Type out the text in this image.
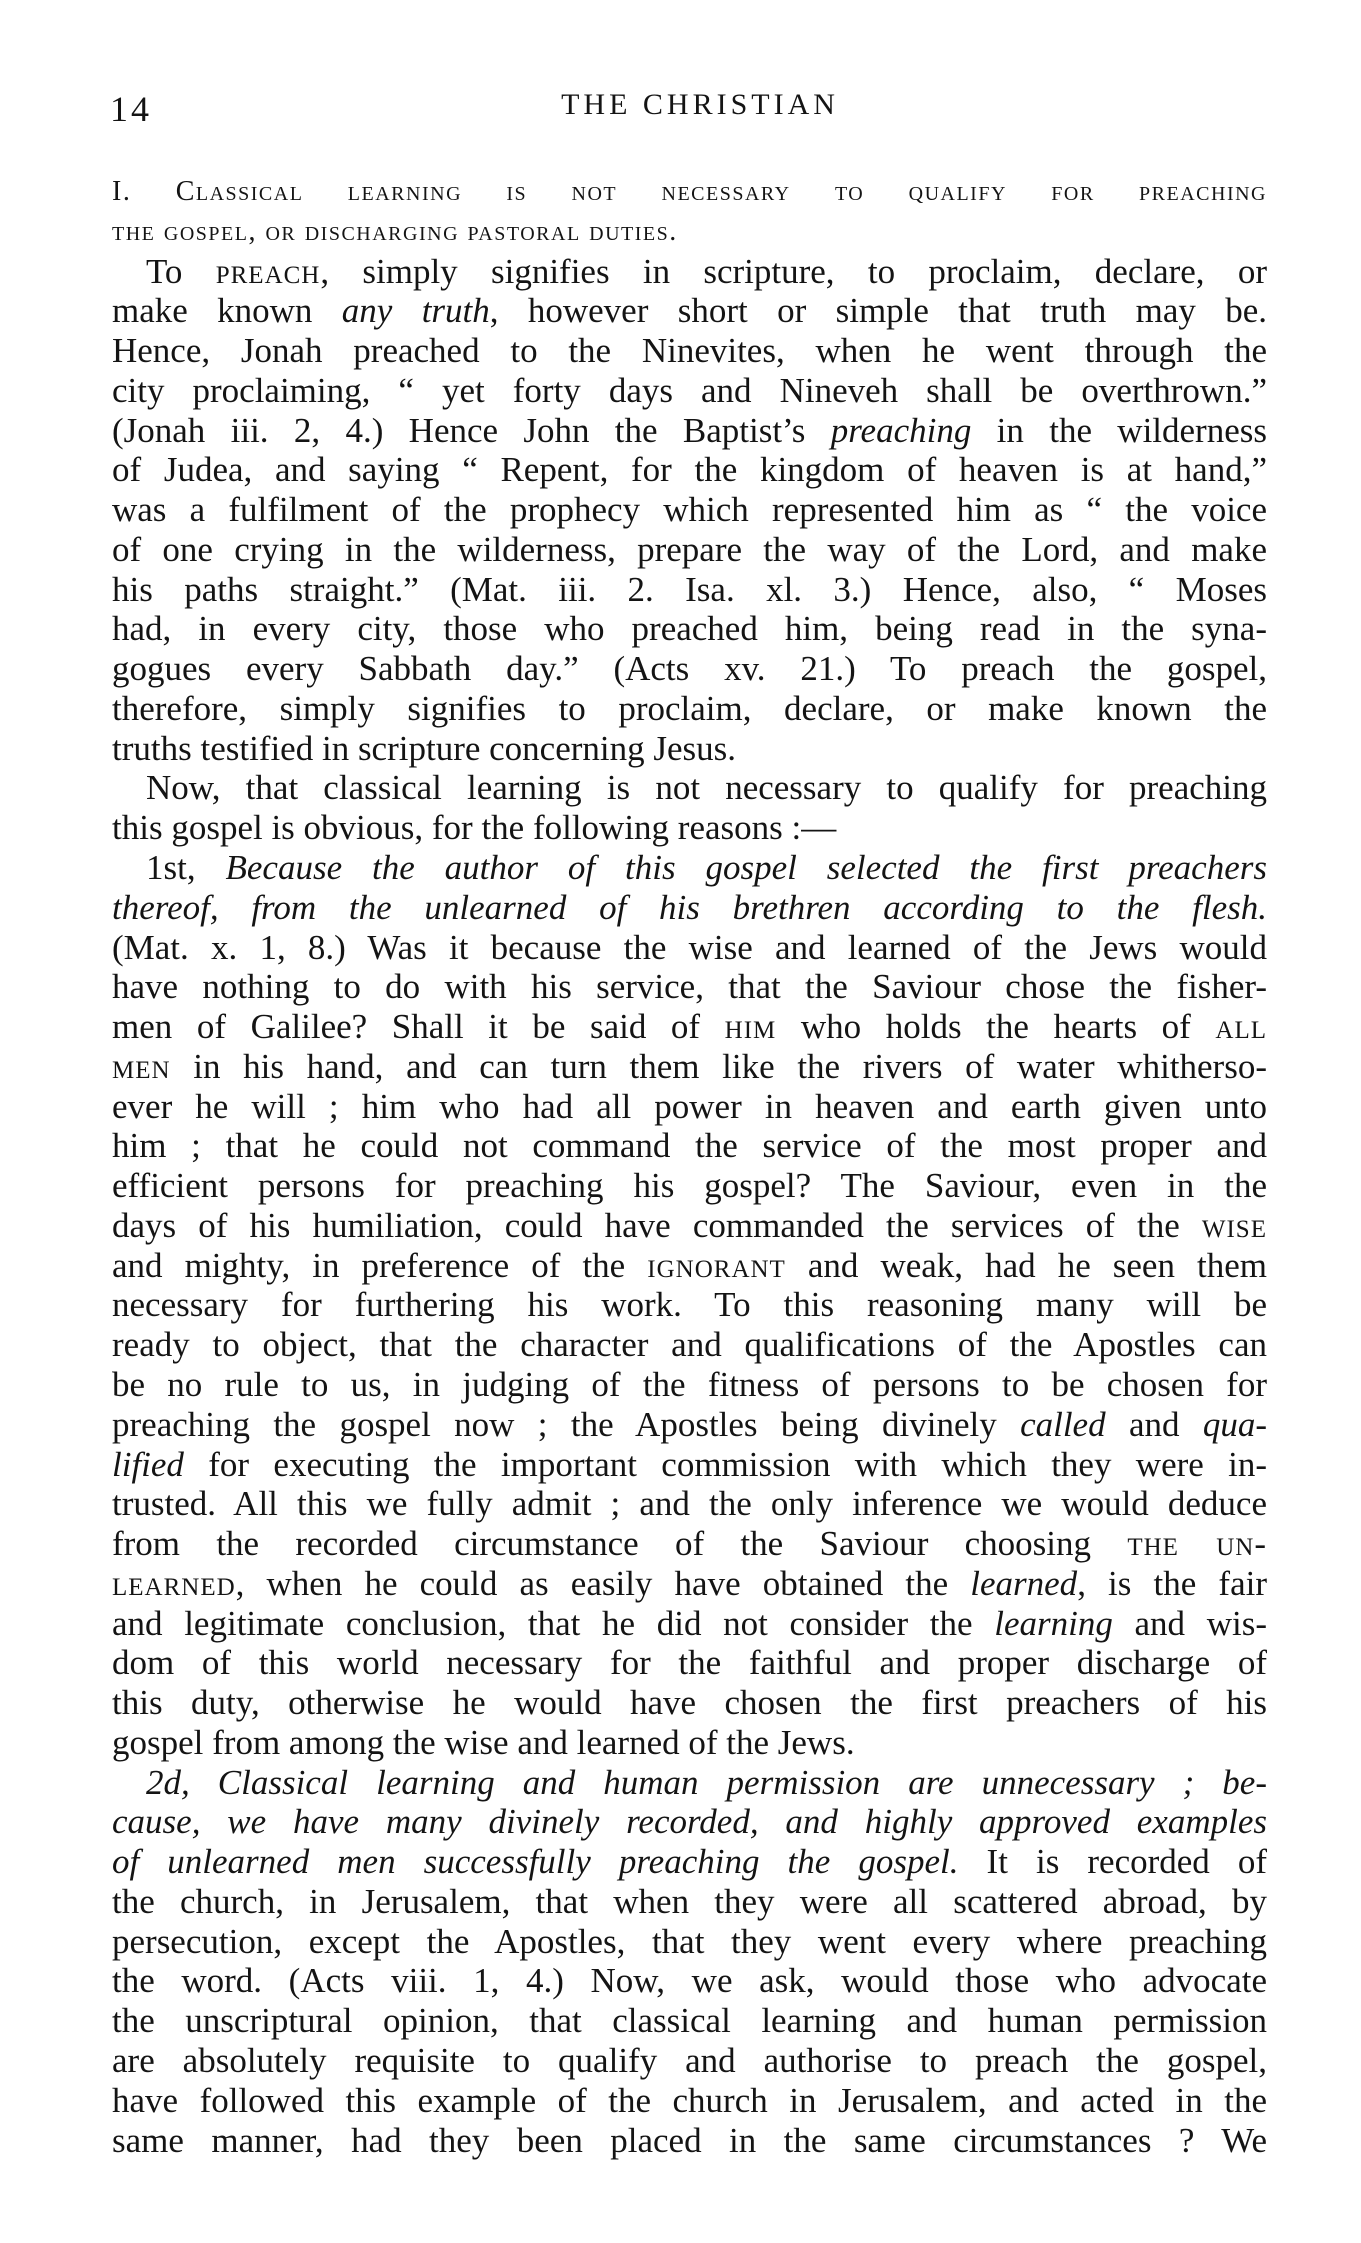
14	THE CHRISTIAN
I. Classical learning is not necessary to qualify for preaching
the gospel, or discharging pastoral duties.
To preach, simply signifies in scripture, to proclaim, declare, or
make known any truth, however short or simple that truth may be.
Hence, Jonah preached to the Ninevites, when he went through the
city proclaiming, “ yet forty days and Nineveh shall be overthrown.”
(Jonah iii. 2, 4.) Hence John the Baptist’s preaching in the wilderness
of Judea, and saying “ Repent, for the kingdom of heaven is at hand,”
was a fulfilment of the prophecy which represented him as “ the voice
of one crying in the wilderness, prepare the way of the Lord, and make
his paths straight.” (Mat. iii. 2. Isa. xl. 3.) Hence, also, “ Moses
had, in every city, those who preached him, being read in the syna-
gogues every Sabbath day.” (Acts xv. 21.) To preach the gospel,
therefore, simply signifies to proclaim, declare, or make known the
truths testified in scripture concerning Jesus.
Now, that classical learning is not necessary to qualify for preaching
this gospel is obvious, for the following reasons :—
1st, Because the author of this gospel selected the first preachers
thereof, from the unlearned of his brethren according to the flesh.
(Mat. x. 1, 8.) Was it because the wise and learned of the Jews would
have nothing to do with his service, that the Saviour chose the fisher-
men of Galilee? Shall it be said of him who holds the hearts of all
men in his hand, and can turn them like the rivers of water whitherso-
ever he will ; him who had all power in heaven and earth given unto
him ; that he could not command the service of the most proper and
efficient persons for preaching his gospel? The Saviour, even in the
days of his humiliation, could have commanded the services of the wise
and mighty, in preference of the ignorant and weak, had he seen them
necessary for furthering his work. To this reasoning many will be
ready to object, that the character and qualifications of the Apostles can
be no rule to us, in judging of the fitness of persons to be chosen for
preaching the gospel now ; the Apostles being divinely called and qua-
lified for executing the important commission with which they were in-
trusted. All this we fully admit ; and the only inference we would deduce
from the recorded circumstance of the Saviour choosing the un-
learned, when he could as easily have obtained the learned, is the fair
and legitimate conclusion, that he did not consider the learning and wis-
dom of this world necessary for the faithful and proper discharge of
this duty, otherwise he would have chosen the first preachers of his
gospel from among the wise and learned of the Jews.
2d, Classical learning and human permission are unnecessary ; be-
cause, we have many divinely recorded, and highly approved examples
of unlearned men successfully preaching the gospel. It is recorded of
the church, in Jerusalem, that when they were all scattered abroad, by
persecution, except the Apostles, that they went every where preaching
the word. (Acts viii. 1, 4.) Now, we ask, would those who advocate
the unscriptural opinion, that classical learning and human permission
are absolutely requisite to qualify and authorise to preach the gospel,
have followed this example of the church in Jerusalem, and acted in the
same manner, had they been placed in the same circumstances ? We
